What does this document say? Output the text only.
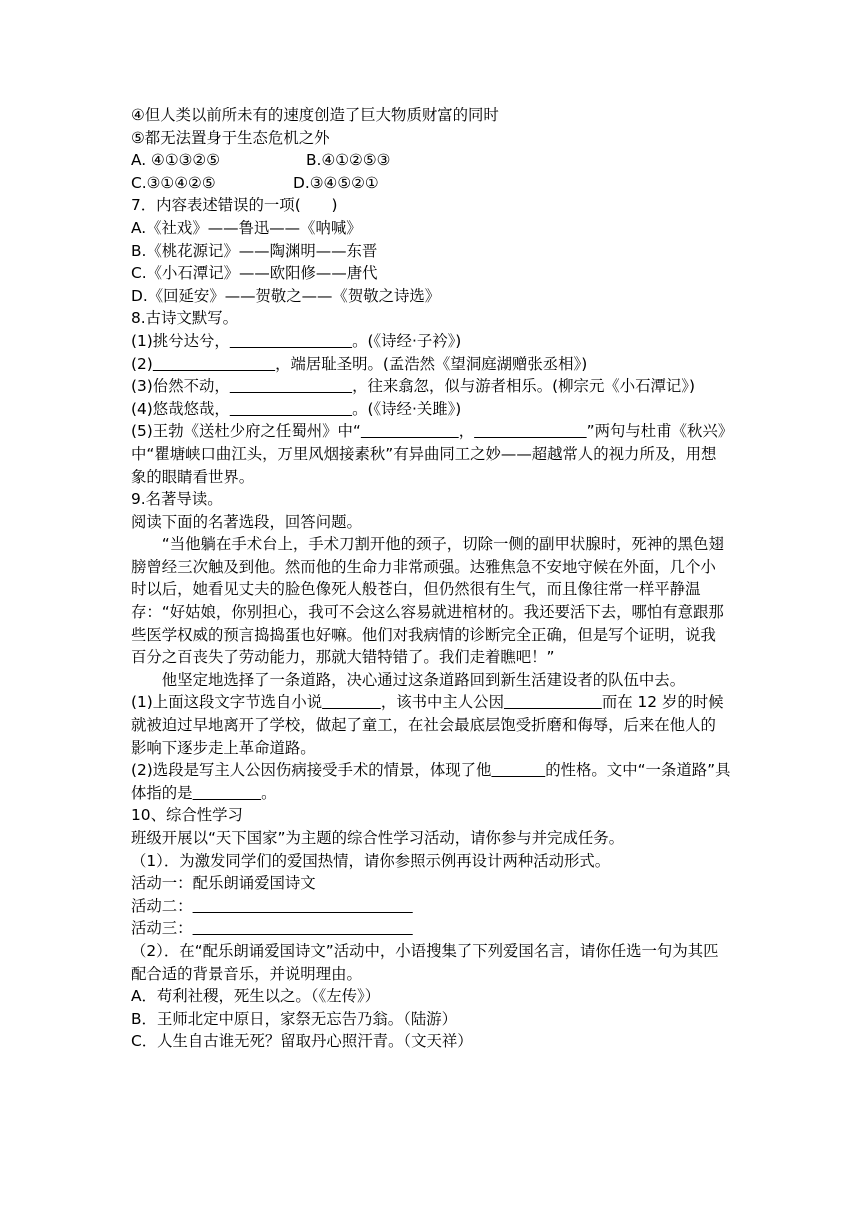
④但人类以前所未有的速度创造了巨大物质财富的同时
⑤都无法置身于生态危机之外
A. ④①③②⑤	B.④①②⑤③
C.③①④②⑤	D.③④⑤②①
7．内容表述错误的一项(　　)
A.《社戏》——鲁迅——《呐喊》
B.《桃花源记》——陶渊明——东晋
C.《小石潭记》——欧阳修——唐代
D.《回延安》——贺敬之——《贺敬之诗选》
8.古诗文默写。
(1)挑兮达兮，	。(《诗经·子衿》)
(2)	，端居耻圣明。(孟浩然《望洞庭湖赠张丞相》)
(3)佁然不动，	，往来翕忽，似与游者相乐。(柳宗元《小石潭记》)
(4)悠哉悠哉，	。(《诗经·关雎》)
(5)王勃《送杜少府之任蜀州》中“	，	”两句与杜甫《秋兴》中“瞿塘峡口曲江头，万里风烟接素秋”有异曲同工之妙——超越常人的视力所及，用想象的眼睛看世界。
9.名著导读。
阅读下面的名著选段，回答问题。
“当他躺在手术台上，手术刀割开他的颈子，切除一侧的副甲状腺时，死神的黑色翅膀曾经三次触及到他。然而他的生命力非常顽强。达雅焦急不安地守候在外面，几个小时以后，她看见丈夫的脸色像死人般苍白，但仍然很有生气，而且像往常一样平静温存：“好姑娘，你别担心，我可不会这么容易就进棺材的。我还要活下去，哪怕有意跟那些医学权威的预言捣捣蛋也好嘛。他们对我病情的诊断完全正确，但是写个证明，说我百分之百丧失了劳动能力，那就大错特错了。我们走着瞧吧！”
他坚定地选择了一条道路，决心通过这条道路回到新生活建设者的队伍中去。
(1)上面这段文字节选自小说	，该书中主人公因	而在 12 岁的时候就被迫过早地离开了学校，做起了童工，在社会最底层饱受折磨和侮辱，后来在他人的影响下逐步走上革命道路。
(2)选段是写主人公因伤病接受手术的情景，体现了他	的性格。文中“一条道路”具体指的是	。
10、综合性学习
班级开展以“天下国家”为主题的综合性学习活动，请你参与并完成任务。
（1）．为激发同学们的爱国热情，请你参照示例再设计两种活动形式。
活动一：配乐朗诵爱国诗文
活动二：
活动三：
（2）．在“配乐朗诵爱国诗文”活动中，小语搜集了下列爱国名言，请你任选一句为其匹配合适的背景音乐，并说明理由。
A．苟利社稷，死生以之。（《左传》）
B．王师北定中原日，家祭无忘告乃翁。（陆游）
C．人生自古谁无死？留取丹心照汗青。（文天祥）
